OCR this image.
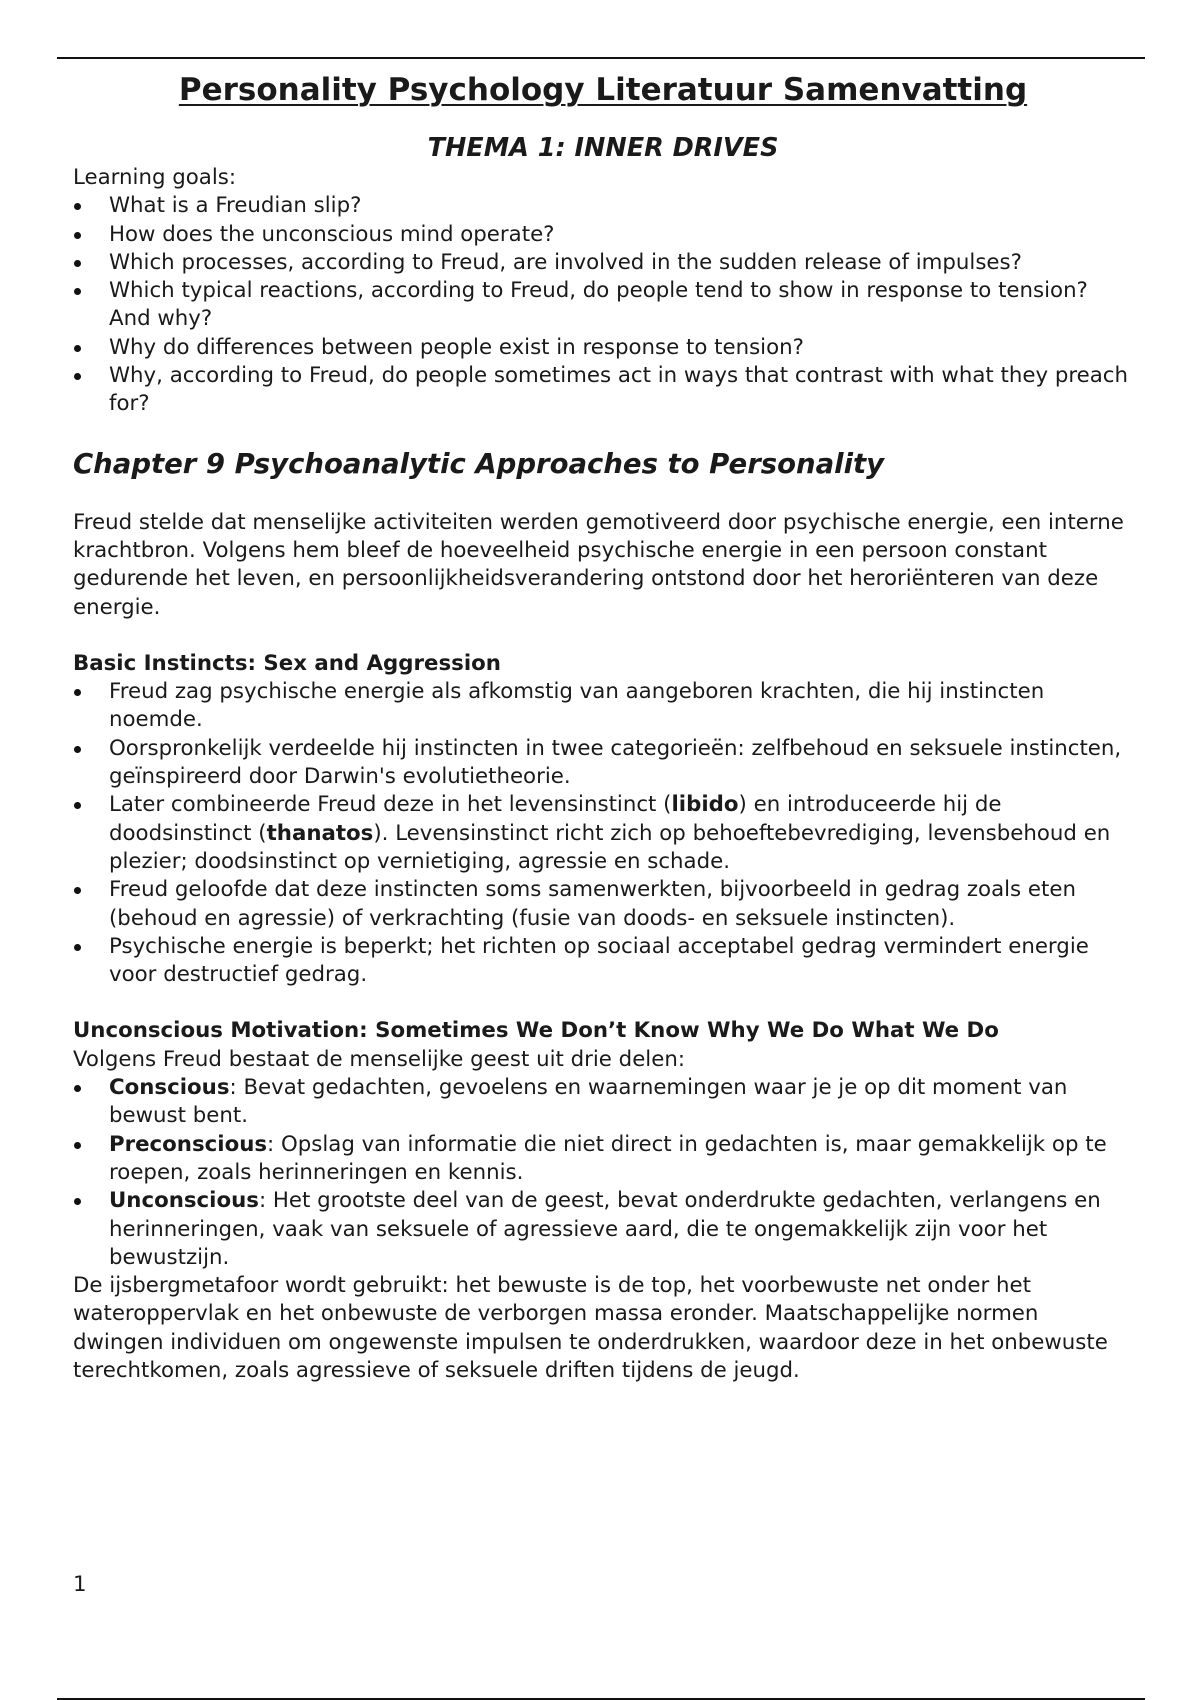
Personality Psychology Literatuur Samenvatting
THEMA 1: INNER DRIVES

Learning goals:

What is a Freudian slip?
How does the unconscious mind operate?
Which processes, according to Freud, are involved in the sudden release of impulses?
Which typical reactions, according to Freud, do people tend to show in response to tension? And why?
Why do differences between people exist in response to tension?
Why, according to Freud, do people sometimes act in ways that contrast with what they preach for?
Chapter 9 Psychoanalytic Approaches to Personality

Freud stelde dat menselijke activiteiten werden gemotiveerd door psychische energie, een interne krachtbron. Volgens hem bleef de hoeveelheid psychische energie in een persoon constant gedurende het leven, en persoonlijkheidsverandering ontstond door het heroriënteren van deze energie.

Basic Instincts: Sex and Aggression

Freud zag psychische energie als afkomstig van aangeboren krachten, die hij instincten noemde.
Oorspronkelijk verdeelde hij instincten in twee categorieën: zelfbehoud en seksuele instincten, geïnspireerd door Darwin's evolutietheorie.
Later combineerde Freud deze in het levensinstinct (libido) en introduceerde hij de doodsinstinct (thanatos). Levensinstinct richt zich op behoeftebevrediging, levensbehoud en plezier; doodsinstinct op vernietiging, agressie en schade.
Freud geloofde dat deze instincten soms samenwerkten, bijvoorbeeld in gedrag zoals eten (behoud en agressie) of verkrachting (fusie van doods- en seksuele instincten).
Psychische energie is beperkt; het richten op sociaal acceptabel gedrag vermindert energie voor destructief gedrag.

Unconscious Motivation: Sometimes We Don’t Know Why We Do What We Do

Volgens Freud bestaat de menselijke geest uit drie delen:

Conscious: Bevat gedachten, gevoelens en waarnemingen waar je je op dit moment van bewust bent.
Preconscious: Opslag van informatie die niet direct in gedachten is, maar gemakkelijk op te roepen, zoals herinneringen en kennis.
Unconscious: Het grootste deel van de geest, bevat onderdrukte gedachten, verlangens en herinneringen, vaak van seksuele of agressieve aard, die te ongemakkelijk zijn voor het bewustzijn.

De ijsbergmetafoor wordt gebruikt: het bewuste is de top, het voorbewuste net onder het wateroppervlak en het onbewuste de verborgen massa eronder. Maatschappelijke normen dwingen individuen om ongewenste impulsen te onderdrukken, waardoor deze in het onbewuste terechtkomen, zoals agressieve of seksuele driften tijdens de jeugd.

1
